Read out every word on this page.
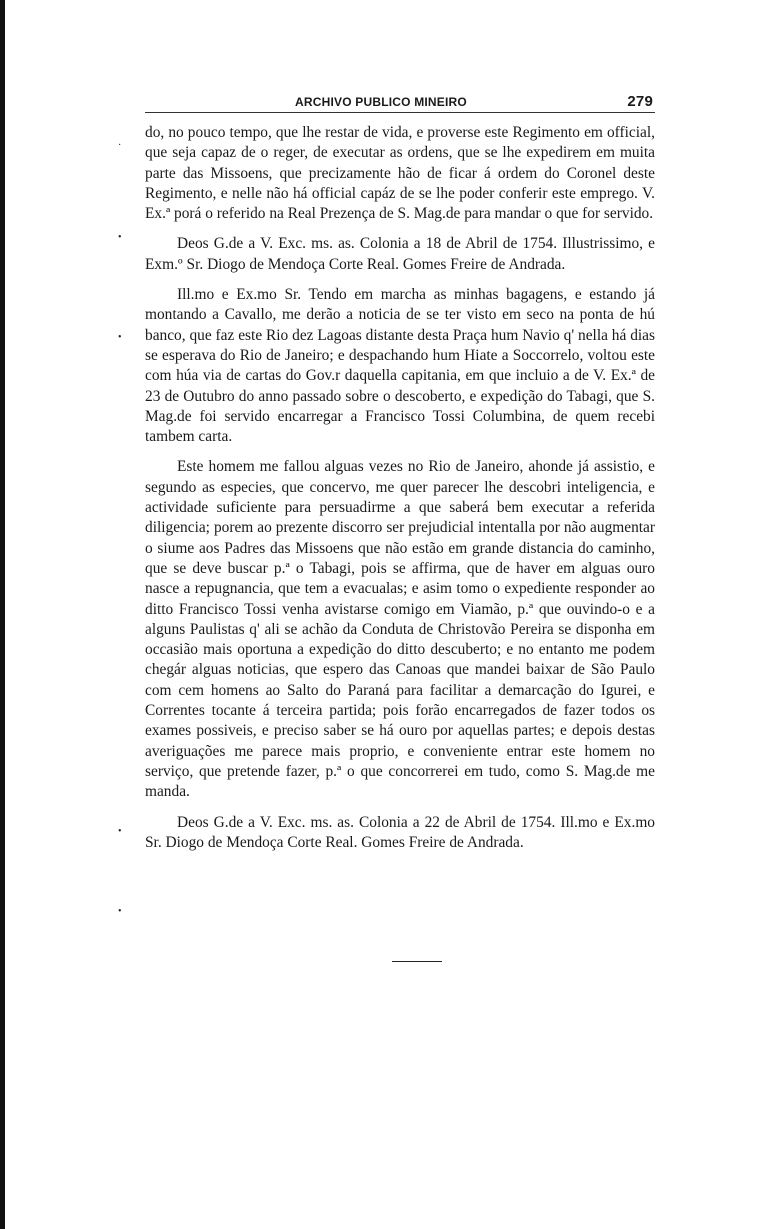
ARCHIVO PUBLICO MINEIRO	279

do, no pouco tempo, que lhe restar de vida, e proverse este Regimento em official, que seja capaz de o reger, de executar as ordens, que se lhe expedirem em muita parte das Missoens, que precizamente hão de ficar á ordem do Coronel deste Regimento, e nelle não há official capáz de se lhe poder conferir este emprego. V. Ex.ª porá o referido na Real Prezença de S. Mag.de para mandar o que for servido.

Deos G.de a V. Exc. ms. as. Colonia a 18 de Abril de 1754. Illustrissimo, e Exm.º Sr. Diogo de Mendoça Corte Real. Gomes Freire de Andrada.

Ill.mo e Ex.mo Sr. Tendo em marcha as minhas bagagens, e estando já montando a Cavallo, me derão a noticia de se ter visto em seco na ponta de hú banco, que faz este Rio dez Lagoas distante desta Praça hum Navio q' nella há dias se esperava do Rio de Janeiro; e despachando hum Hiate a Soccorrelo, voltou este com húa via de cartas do Gov.r daquella capitania, em que incluio a de V. Ex.ª de 23 de Outubro do anno passado sobre o descoberto, e expedição do Tabagi, que S. Mag.de foi servido encarregar a Francisco Tossi Columbina, de quem recebi tambem carta.

Este homem me fallou alguas vezes no Rio de Janeiro, ahonde já assistio, e segundo as especies, que concervo, me quer parecer lhe descobri inteligencia, e actividade suficiente para persuadirme a que saberá bem executar a referida diligencia; porem ao prezente discorro ser prejudicial intentalla por não augmentar o siume aos Padres das Missoens que não estão em grande distancia do caminho, que se deve buscar p.ª o Tabagi, pois se affirma, que de haver em alguas ouro nasce a repugnancia, que tem a evacualas; e asim tomo o expediente responder ao ditto Francisco Tossi venha avistarse comigo em Viamão, p.ª que ouvindo-o e a alguns Paulistas q' ali se achão da Conduta de Christovão Pereira se disponha em occasião mais oportuna a expedição do ditto descuberto; e no entanto me podem chegár alguas noticias, que espero das Canoas que mandei baixar de São Paulo com cem homens ao Salto do Paraná para facilitar a demarcação do Igurei, e Correntes tocante á terceira partida; pois forão encarregados de fazer todos os exames possiveis, e preciso saber se há ouro por aquellas partes; e depois destas averiguações me parece mais proprio, e conveniente entrar este homem no serviço, que pretende fazer, p.ª o que concorrerei em tudo, como S. Mag.de me manda.

Deos G.de a V. Exc. ms. as. Colonia a 22 de Abril de 1754. Ill.mo e Ex.mo Sr. Diogo de Mendoça Corte Real. Gomes Freire de Andrada.

·
•
•
•
•
